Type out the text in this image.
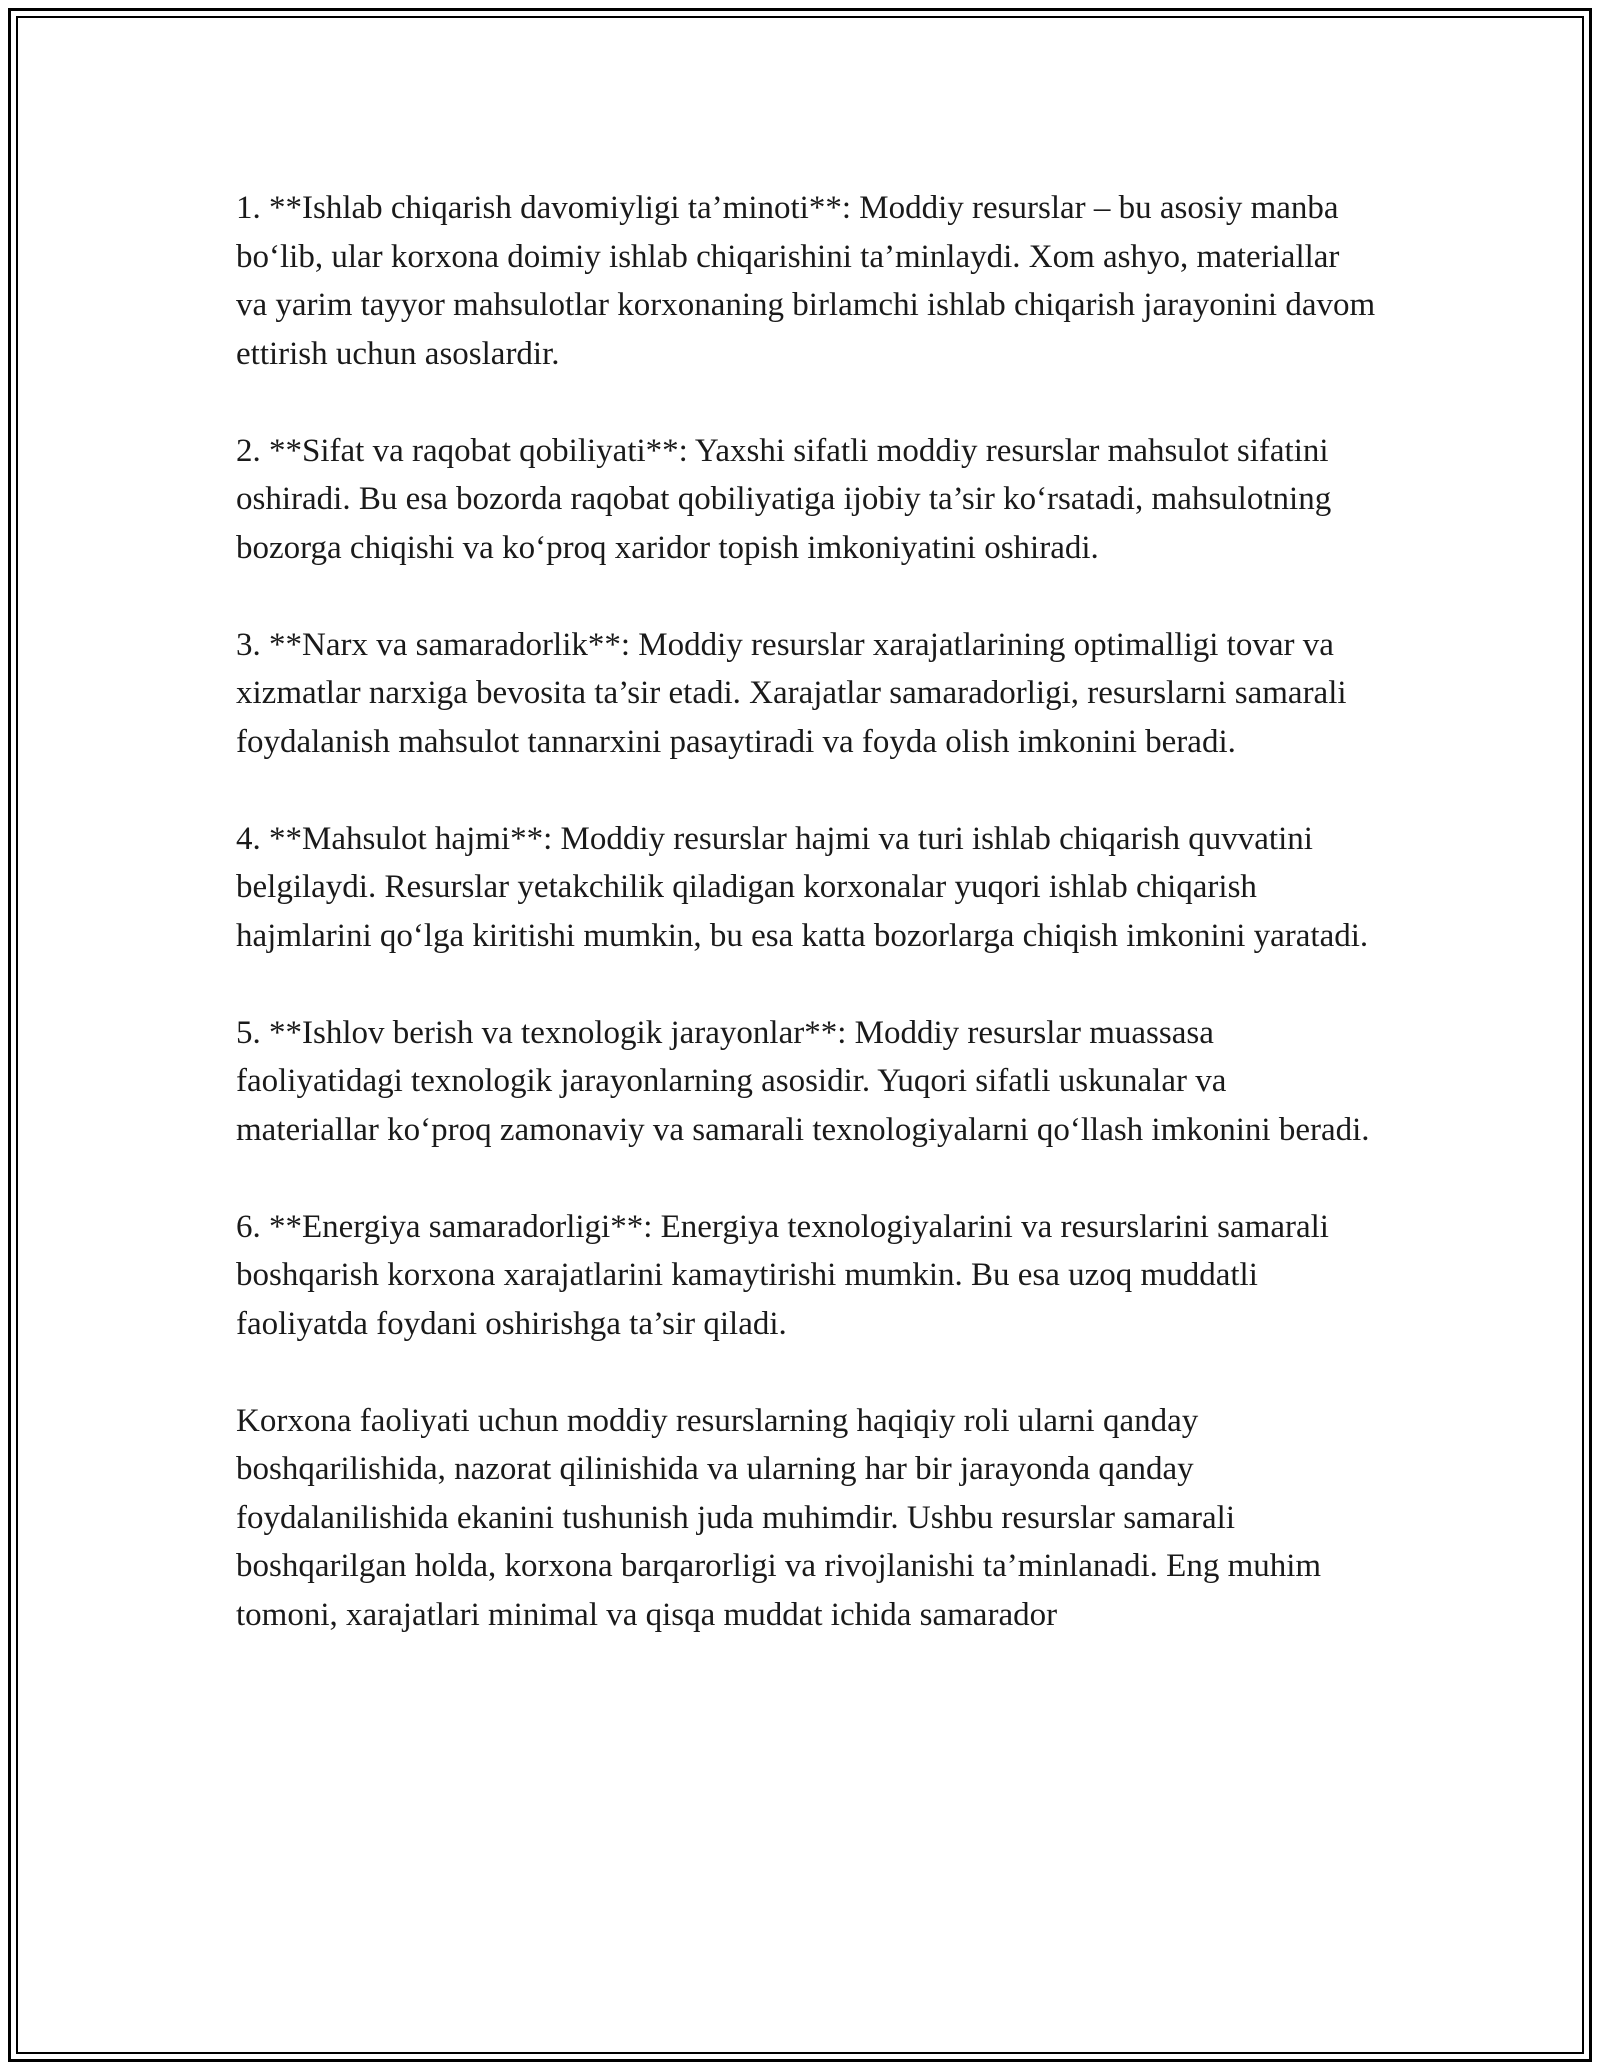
1. **Ishlab chiqarish davomiyligi ta’minoti**: Moddiy resurslar – bu asosiy manba bo‘lib, ular korxona doimiy ishlab chiqarishini ta’minlaydi. Xom ashyo, materiallar va yarim tayyor mahsulotlar korxonaning birlamchi ishlab chiqarish jarayonini davom ettirish uchun asoslardir.

2. **Sifat va raqobat qobiliyati**: Yaxshi sifatli moddiy resurslar mahsulot sifatini oshiradi. Bu esa bozorda raqobat qobiliyatiga ijobiy ta’sir ko‘rsatadi, mahsulotning bozorga chiqishi va ko‘proq xaridor topish imkoniyatini oshiradi.

3. **Narx va samaradorlik**: Moddiy resurslar xarajatlarining optimalligi tovar va xizmatlar narxiga bevosita ta’sir etadi. Xarajatlar samaradorligi, resurslarni samarali foydalanish mahsulot tannarxini pasaytiradi va foyda olish imkonini beradi.

4. **Mahsulot hajmi**: Moddiy resurslar hajmi va turi ishlab chiqarish quvvatini belgilaydi. Resurslar yetakchilik qiladigan korxonalar yuqori ishlab chiqarish hajmlarini qo‘lga kiritishi mumkin, bu esa katta bozorlarga chiqish imkonini yaratadi.

5. **Ishlov berish va texnologik jarayonlar**: Moddiy resurslar muassasa faoliyatidagi texnologik jarayonlarning asosidir. Yuqori sifatli uskunalar va materiallar ko‘proq zamonaviy va samarali texnologiyalarni qo‘llash imkonini beradi.

6. **Energiya samaradorligi**: Energiya texnologiyalarini va resurslarini samarali boshqarish korxona xarajatlarini kamaytirishi mumkin. Bu esa uzoq muddatli faoliyatda foydani oshirishga ta’sir qiladi.

Korxona faoliyati uchun moddiy resurslarning haqiqiy roli ularni qanday boshqarilishida, nazorat qilinishida va ularning har bir jarayonda qanday foydalanilishida ekanini tushunish juda muhimdir. Ushbu resurslar samarali boshqarilgan holda, korxona barqarorligi va rivojlanishi ta’minlanadi. Eng muhim tomoni, xarajatlari minimal va qisqa muddat ichida samarador
